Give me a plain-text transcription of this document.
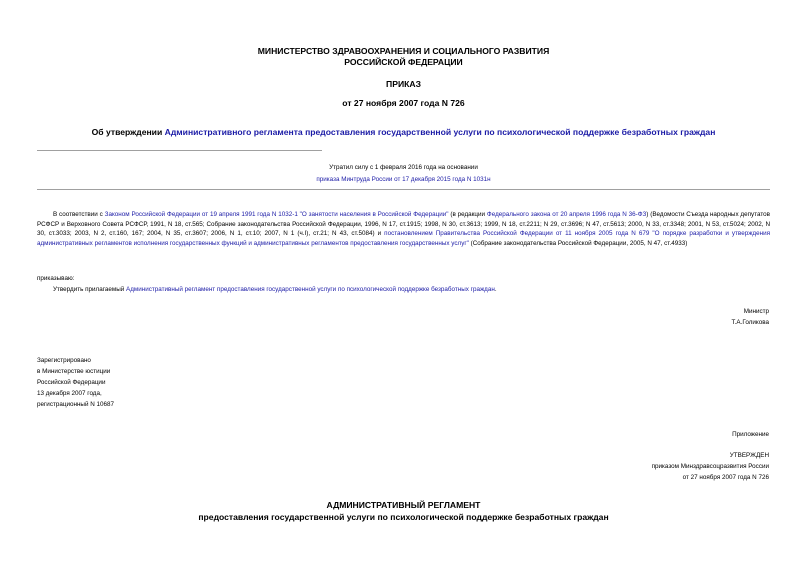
МИНИСТЕРСТВО ЗДРАВООХРАНЕНИЯ И СОЦИАЛЬНОГО РАЗВИТИЯ
РОССИЙСКОЙ ФЕДЕРАЦИИ
ПРИКАЗ
от 27 ноября 2007 года N 726
Об утверждении Административного регламента предоставления государственной услуги по психологической поддержке безработных граждан
Утратил силу с 1 февраля 2016 года на основании
приказа Минтруда России от 17 декабря 2015 года N 1031н
В соответствии с Законом Российской Федерации от 19 апреля 1991 года N 1032-1 "О занятости населения в Российской Федерации" (в редакции Федерального закона от 20 апреля 1996 года N 36-ФЗ) (Ведомости Съезда народных депутатов РСФСР и Верховного Совета РСФСР, 1991, N 18, ст.565; Собрание законодательства Российской Федерации, 1996, N 17, ст.1915; 1998, N 30, ст.3613; 1999, N 18, ст.2211; N 29, ст.3696; N 47, ст.5613; 2000, N 33, ст.3348; 2001, N 53, ст.5024; 2002, N 30, ст.3033; 2003, N 2, ст.160, 167; 2004, N 35, ст.3607; 2006, N 1, ст.10; 2007, N 1 (ч.I), ст.21; N 43, ст.5084) и постановлением Правительства Российской Федерации от 11 ноября 2005 года N 679 "О порядке разработки и утверждения административных регламентов исполнения государственных функций и административных регламентов предоставления государственных услуг" (Собрание законодательства Российской Федерации, 2005, N 47, ст.4933)
приказываю:
Утвердить прилагаемый Административный регламент предоставления государственной услуги по психологической поддержке безработных граждан.
Министр
Т.А.Голикова
Зарегистрировано
в Министерстве юстиции
Российской Федерации
13 декабря 2007 года,
регистрационный N 10687
Приложение
УТВЕРЖДЕН
приказом Минздравсоцразвития России
от 27 ноября 2007 года N 726
АДМИНИСТРАТИВНЫЙ РЕГЛАМЕНТ
предоставления государственной услуги по психологической поддержке безработных граждан
